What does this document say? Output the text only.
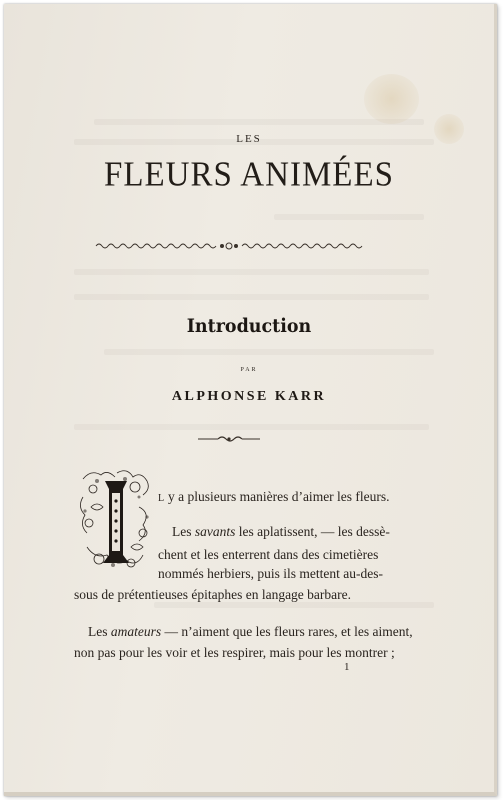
LES
FLEURS ANIMÉES
Introduction
PAR
ALPHONSE KARR
I
L y a plusieurs manières d’aimer les fleurs.
Les savants les aplatissent, — les dessè-
chent et les enterrent dans des cimetières
nommés herbiers, puis ils mettent au-des-
sous de prétentieuses épitaphes en langage barbare.
Les amateurs — n’aiment que les fleurs rares, et les aiment,
non pas pour les voir et les respirer, mais pour les montrer ;
1
